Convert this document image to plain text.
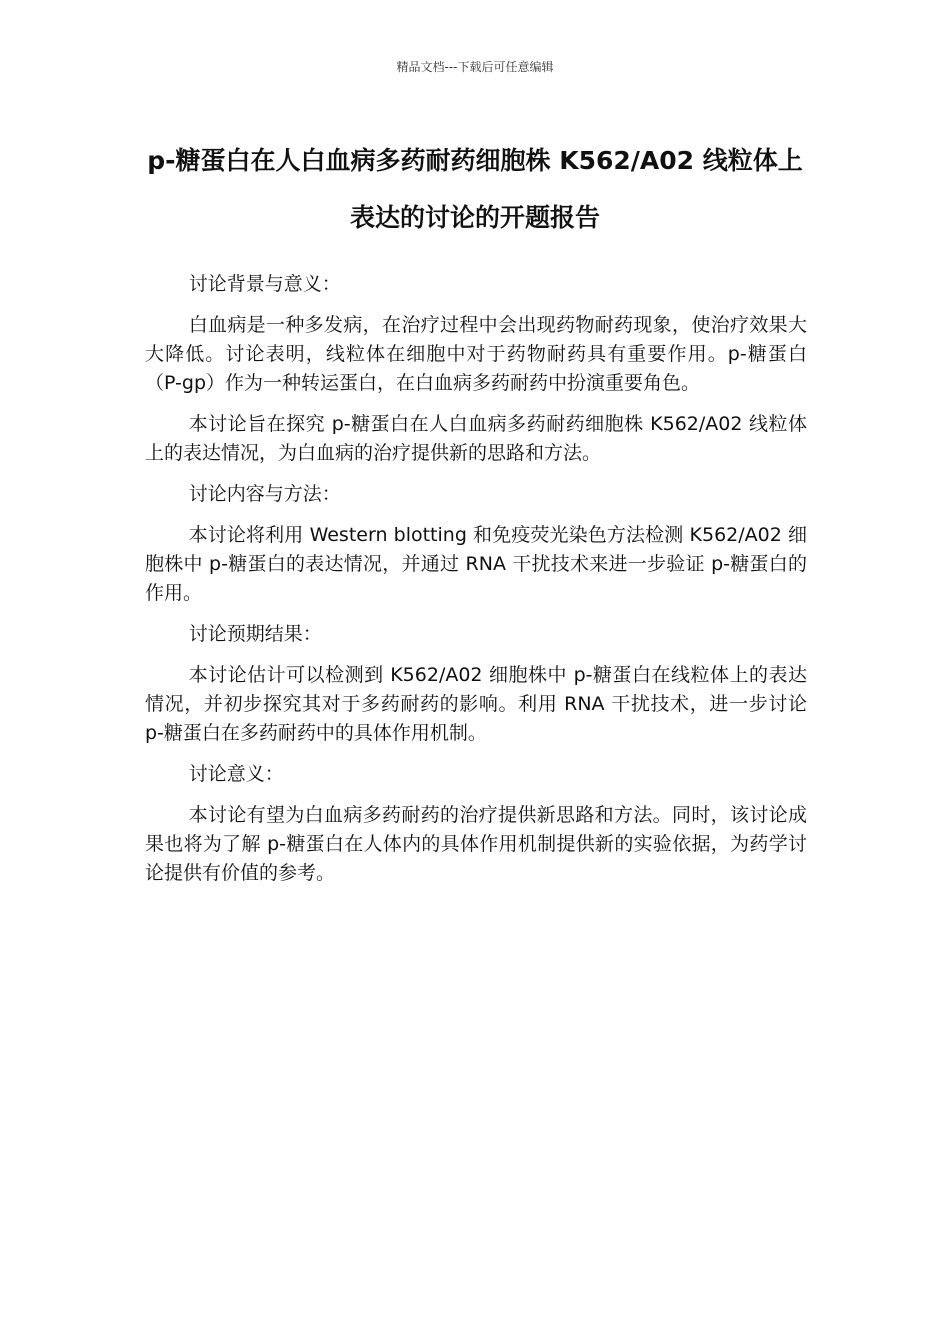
精品文档---下载后可任意编辑
p-糖蛋白在人白血病多药耐药细胞株 K562/A02 线粒体上表达的讨论的开题报告

讨论背景与意义：

白血病是一种多发病，在治疗过程中会出现药物耐药现象，使治疗效果大大降低。讨论表明，线粒体在细胞中对于药物耐药具有重要作用。p-糖蛋白（P-gp）作为一种转运蛋白，在白血病多药耐药中扮演重要角色。

本讨论旨在探究 p-糖蛋白在人白血病多药耐药细胞株 K562/A02 线粒体上的表达情况，为白血病的治疗提供新的思路和方法。

讨论内容与方法：

本讨论将利用 Western blotting 和免疫荧光染色方法检测 K562/A02 细胞株中 p-糖蛋白的表达情况，并通过 RNA 干扰技术来进一步验证 p-糖蛋白的作用。

讨论预期结果：

本讨论估计可以检测到 K562/A02 细胞株中 p-糖蛋白在线粒体上的表达情况，并初步探究其对于多药耐药的影响。利用 RNA 干扰技术，进一步讨论 p-糖蛋白在多药耐药中的具体作用机制。

讨论意义：

本讨论有望为白血病多药耐药的治疗提供新思路和方法。同时，该讨论成果也将为了解 p-糖蛋白在人体内的具体作用机制提供新的实验依据，为药学讨论提供有价值的参考。
